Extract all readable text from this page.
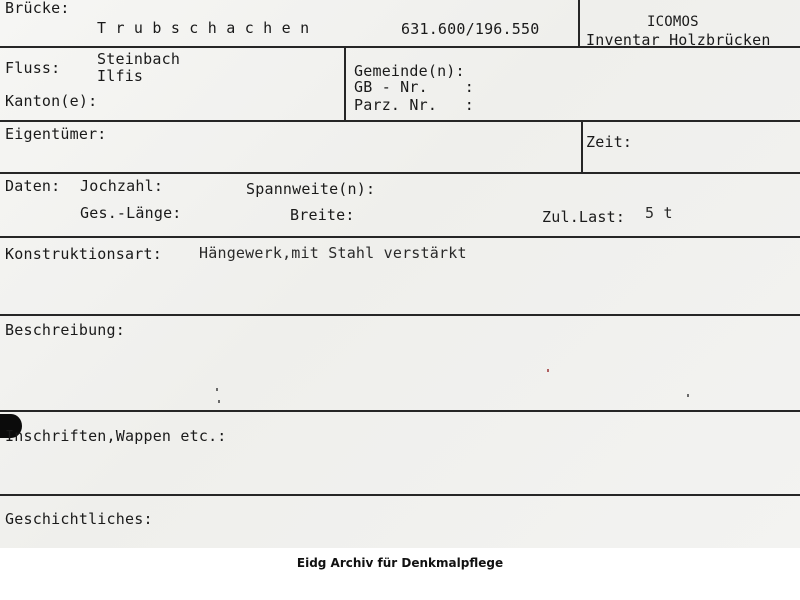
Brücke:
T r u b s c h a c h e n	631.600/196.550	ICOMOS
Inventar Holzbrücken
Fluss: Steinbach
Ilfis
Kanton(e):
Gemeinde(n):
GB - Nr.    :
Parz. Nr.   :
Eigentümer:	Zeit:
Daten: Jochzahl:	Spannweite(n):
Ges.-Länge:	Breite:	Zul.Last: 5 t
Konstruktionsart: Hängewerk,mit Stahl verstärkt
Beschreibung:
Inschriften,Wappen etc.:
Geschichtliches:
Eidg Archiv für Denkmalpflege
